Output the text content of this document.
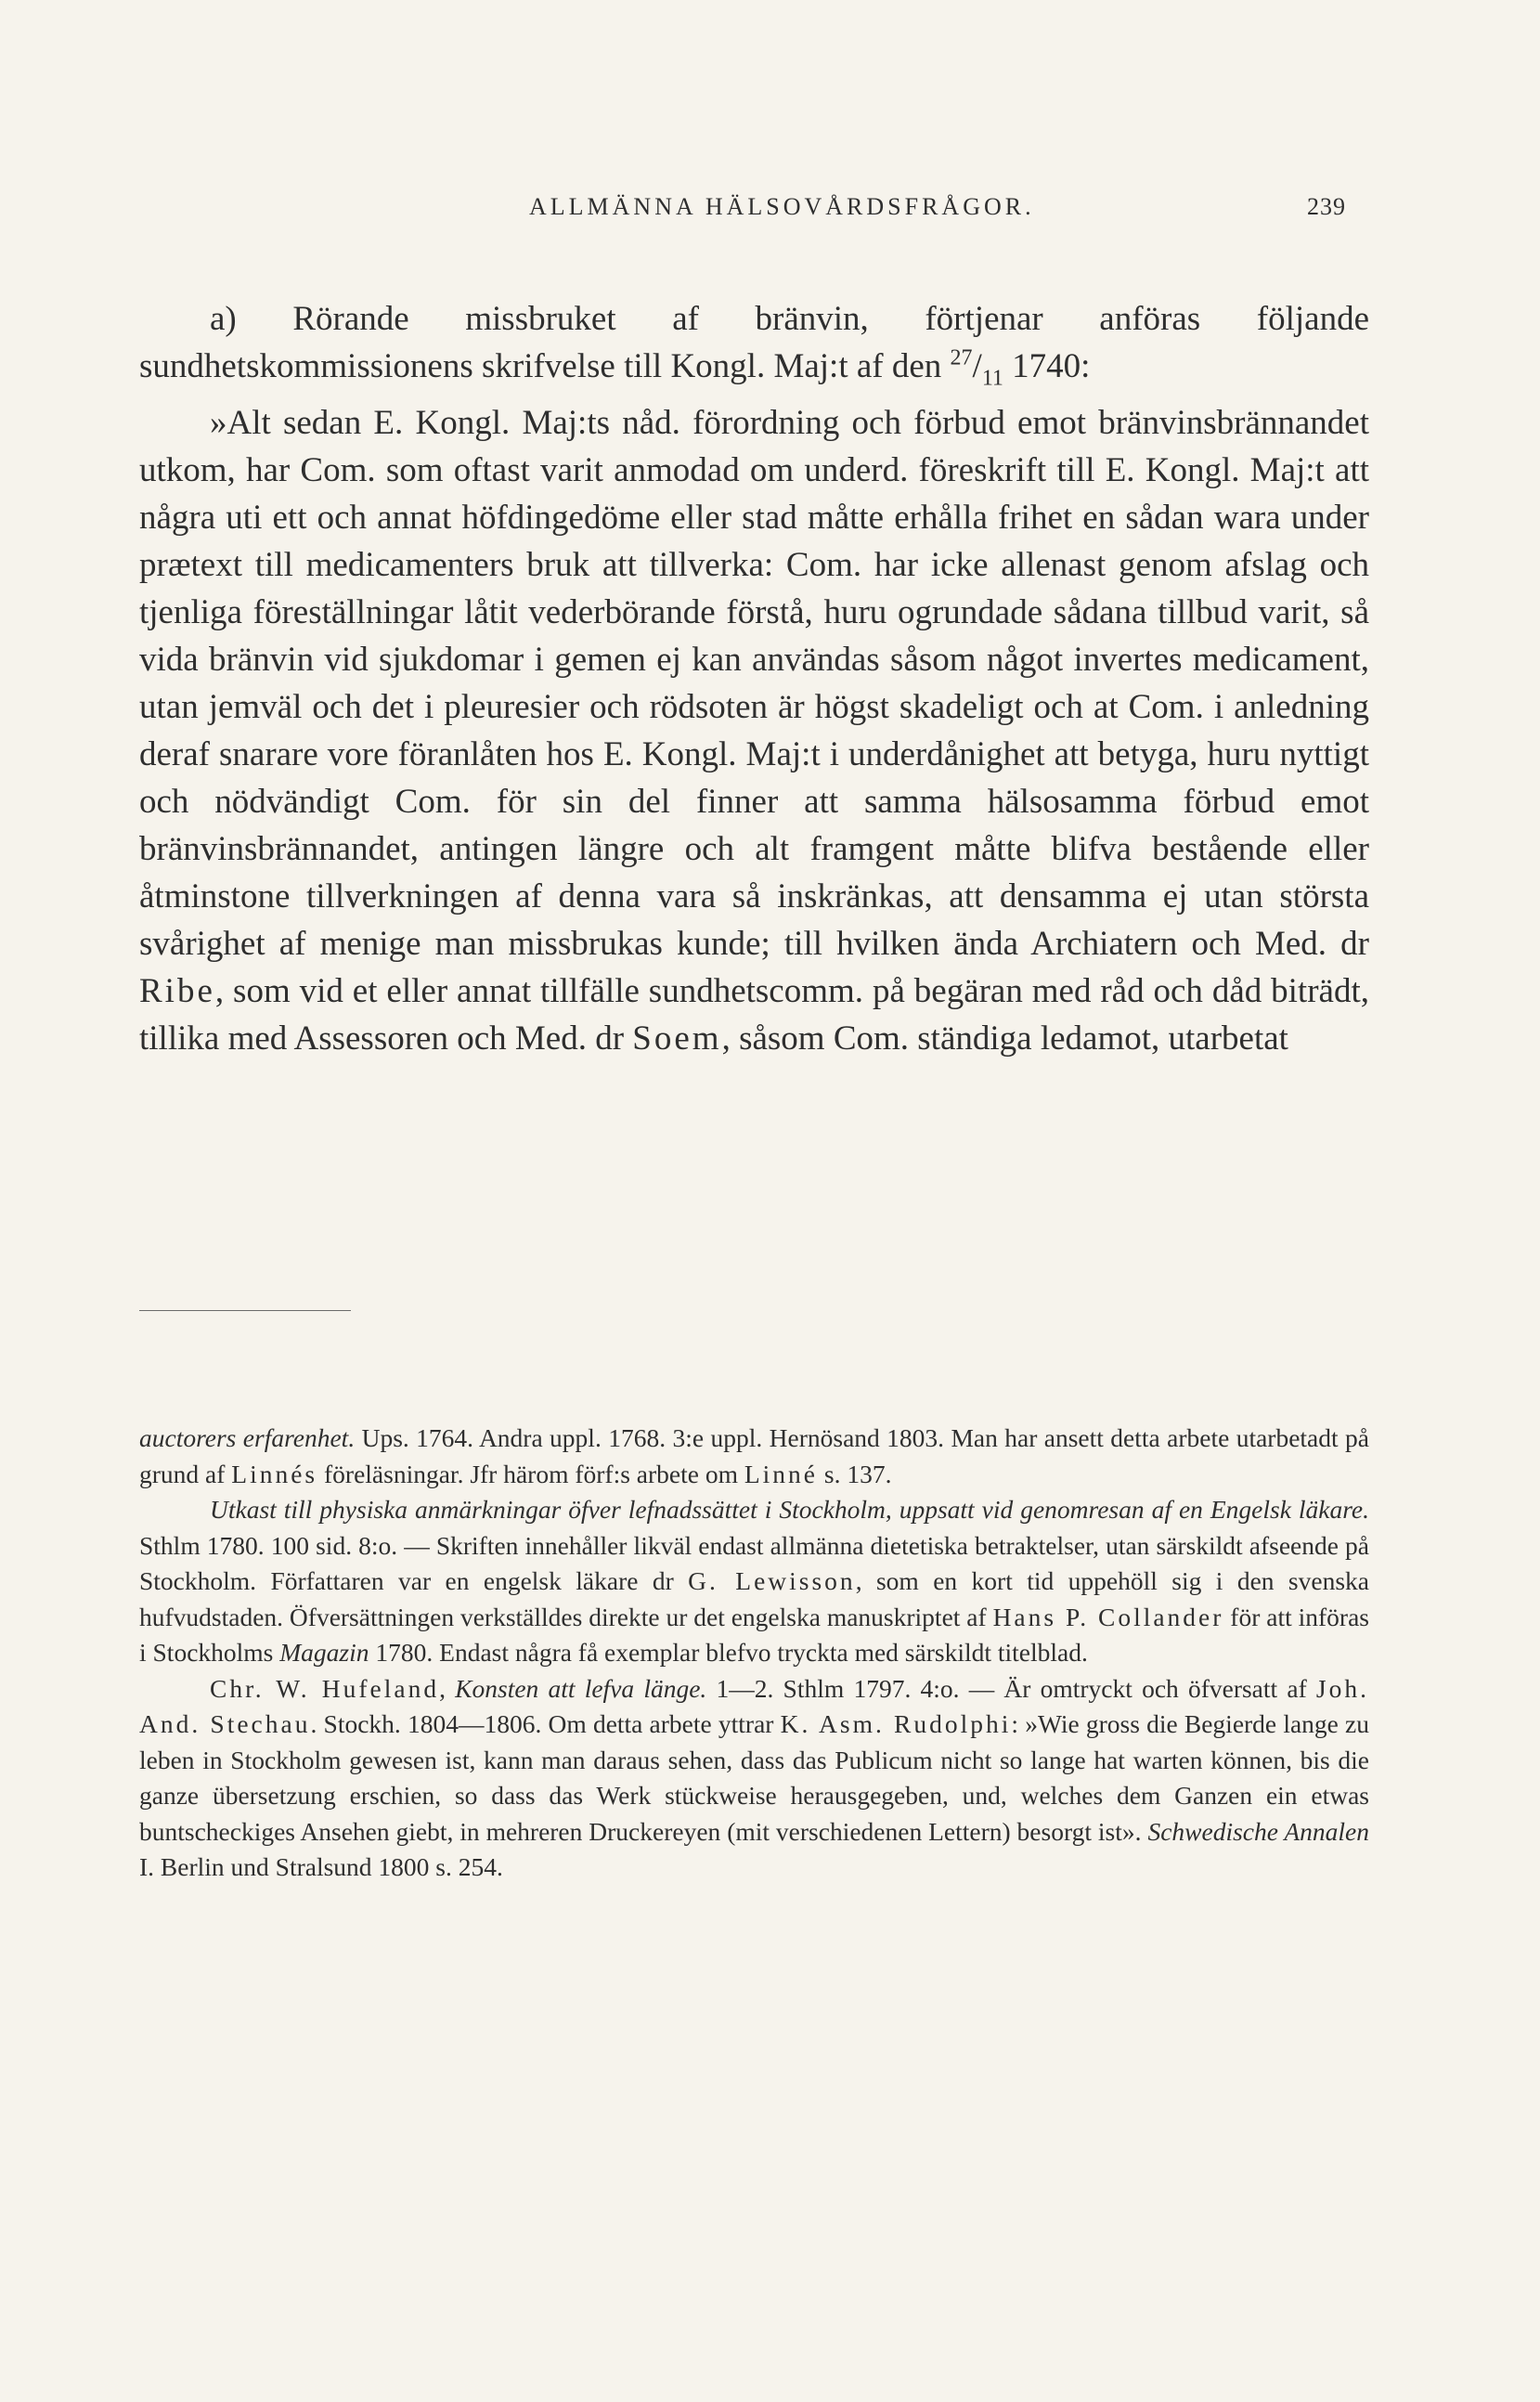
ALLMÄNNA HÄLSOVÅRDSFRÅGOR.	239

a) Rörande missbruket af bränvin, förtjenar anföras följande sundhetskommissionens skrifvelse till Kongl. Maj:t af den $^{27}/_{11}$ 1740:

»Alt sedan E. Kongl. Maj:ts nåd. förordning och förbud emot bränvinsbrännandet utkom, har Com. som oftast varit anmodad om underd. föreskrift till E. Kongl. Maj:t att några uti ett och annat höfdingedöme eller stad måtte erhålla frihet en sådan wara under prætext till medicamenters bruk att tillverka: Com. har icke allenast genom afslag och tjenliga föreställningar låtit vederbörande förstå, huru ogrundade sådana tillbud varit, så vida bränvin vid sjukdomar i gemen ej kan användas såsom något invertes medicament, utan jemväl och det i pleuresier och rödsoten är högst skadeligt och at Com. i anledning deraf snarare vore föranlåten hos E. Kongl. Maj:t i underdånighet att betyga, huru nyttigt och nödvändigt Com. för sin del finner att samma hälsosamma förbud emot bränvinsbrännandet, antingen längre och alt framgent måtte blifva bestående eller åtminstone tillverkningen af denna vara så inskränkas, att densamma ej utan största svårighet af menige man missbrukas kunde; till hvilken ända Archiatern och Med. dr Ribe, som vid et eller annat tillfälle sundhetscomm. på begäran med råd och dåd biträdt, tillika med Assessoren och Med. dr Soem, såsom Com. ständiga ledamot, utarbetat

auctorers erfarenhet. Ups. 1764. Andra uppl. 1768. 3:e uppl. Hernösand 1803. Man har ansett detta arbete utarbetadt på grund af Linnés föreläsningar. Jfr härom förf:s arbete om Linné s. 137.

Utkast till physiska anmärkningar öfver lefnadssättet i Stockholm, uppsatt vid genomresan af en Engelsk läkare. Sthlm 1780. 100 sid. 8:o. — Skriften innehåller likväl endast allmänna dietetiska betraktelser, utan särskildt afseende på Stockholm. Författaren var en engelsk läkare dr G. Lewisson, som en kort tid uppehöll sig i den svenska hufvudstaden. Öfversättningen verkställdes direkte ur det engelska manuskriptet af Hans P. Collander för att införas i Stockholms Magazin 1780. Endast några få exemplar blefvo tryckta med särskildt titelblad.

Chr. W. Hufeland, Konsten att lefva länge. 1—2. Sthlm 1797. 4:o. — Är omtryckt och öfversatt af Joh. And. Stechau. Stockh. 1804—1806. Om detta arbete yttrar K. Asm. Rudolphi: »Wie gross die Begierde lange zu leben in Stockholm gewesen ist, kann man daraus sehen, dass das Publicum nicht so lange hat warten können, bis die ganze übersetzung erschien, so dass das Werk stückweise herausgegeben, und, welches dem Ganzen ein etwas buntscheckiges Ansehen giebt, in mehreren Druckereyen (mit verschiedenen Lettern) besorgt ist». Schwedische Annalen I. Berlin und Stralsund 1800 s. 254.
